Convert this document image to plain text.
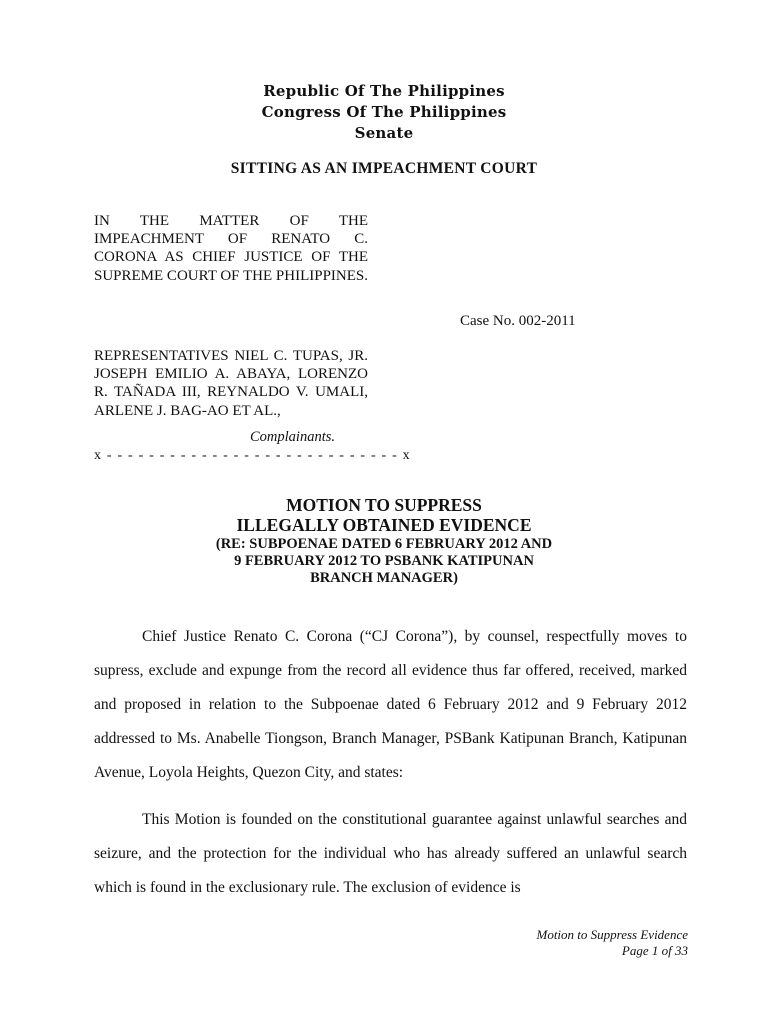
Republic Of The Philippines
Congress Of The Philippines
Senate
SITTING AS AN IMPEACHMENT COURT
IN THE MATTER OF THE IMPEACHMENT OF RENATO C. CORONA AS CHIEF JUSTICE OF THE SUPREME COURT OF THE PHILIPPINES.
Case No. 002-2011
REPRESENTATIVES NIEL C. TUPAS, JR. JOSEPH EMILIO A. ABAYA, LORENZO R. TAÑADA III, REYNALDO V. UMALI, ARLENE J. BAG-AO ET AL.,
Complainants.
x - - - - - - - - - - - - - - - - - - - - - - - - - - - - x
MOTION TO SUPPRESS
ILLEGALLY OBTAINED EVIDENCE
(RE: SUBPOENAE DATED 6 FEBRUARY 2012 AND
9 FEBRUARY 2012 TO PSBANK KATIPUNAN
BRANCH MANAGER)
Chief Justice Renato C. Corona (“CJ Corona”), by counsel, respectfully moves to supress, exclude and expunge from the record all evidence thus far offered, received, marked and proposed in relation to the Subpoenae dated 6 February 2012 and 9 February 2012 addressed to Ms. Anabelle Tiongson, Branch Manager, PSBank Katipunan Branch, Katipunan Avenue, Loyola Heights, Quezon City, and states:
This Motion is founded on the constitutional guarantee against unlawful searches and seizure, and the protection for the individual who has already suffered an unlawful search which is found in the exclusionary rule. The exclusion of evidence is
Motion to Suppress Evidence
Page 1 of 33
